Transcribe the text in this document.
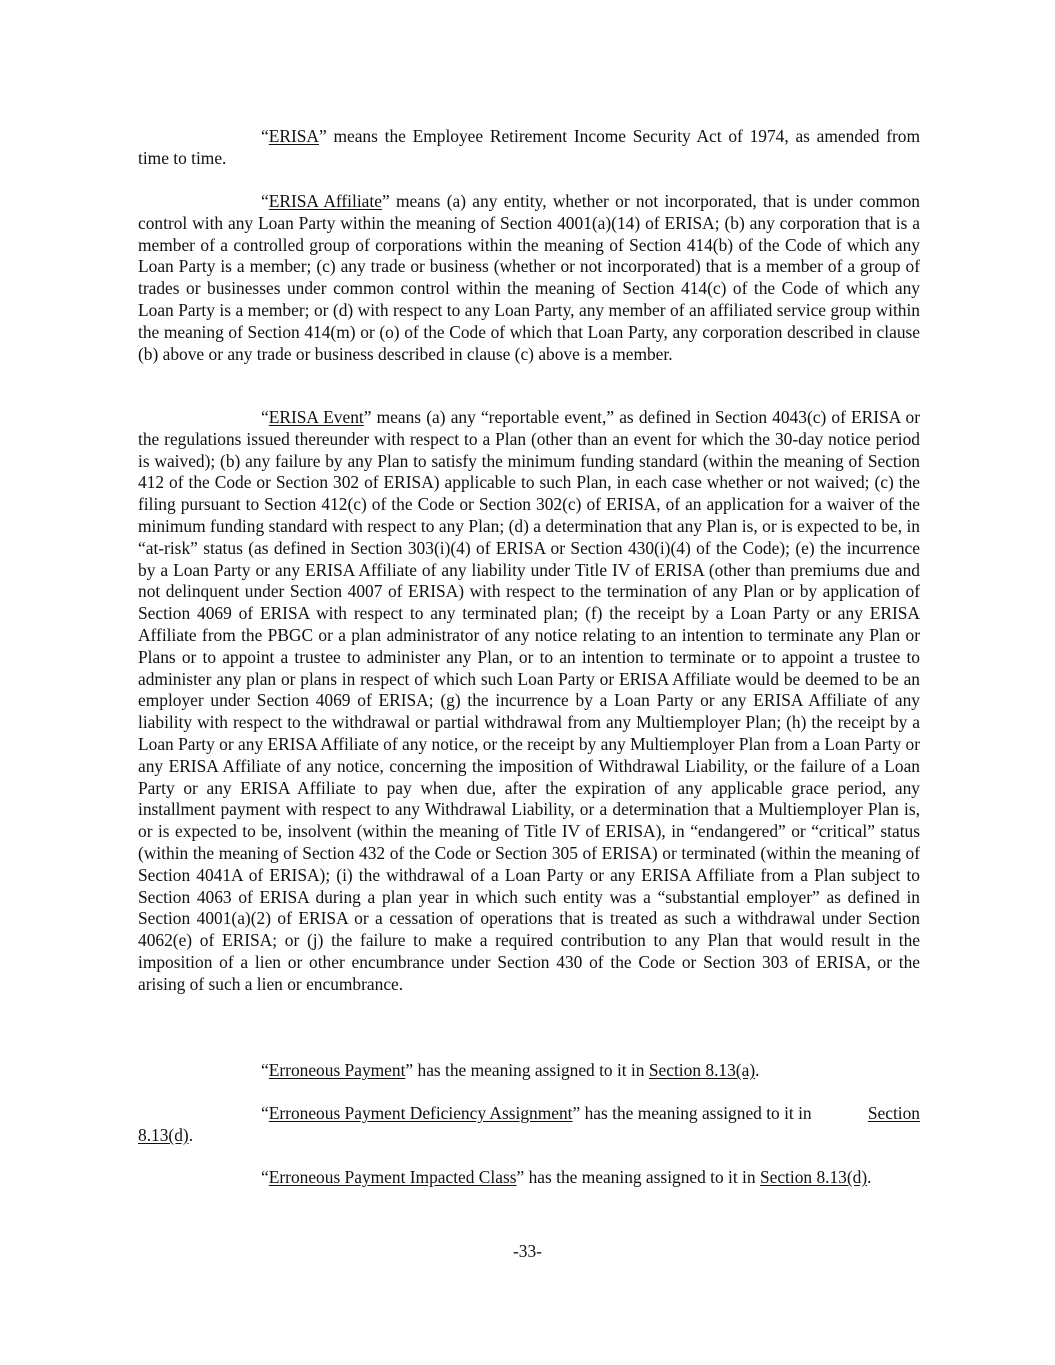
“ERISA” means the Employee Retirement Income Security Act of 1974, as amended from time to time.

“ERISA Affiliate” means (a) any entity, whether or not incorporated, that is under common control with any Loan Party within the meaning of Section 4001(a)(14) of ERISA; (b) any corporation that is a member of a controlled group of corporations within the meaning of Section 414(b) of the Code of which any Loan Party is a member; (c) any trade or business (whether or not incorporated) that is a member of a group of trades or businesses under common control within the meaning of Section 414(c) of the Code of which any Loan Party is a member; or (d) with respect to any Loan Party, any member of an affiliated service group within the meaning of Section 414(m) or (o) of the Code of which that Loan Party, any corporation described in clause (b) above or any trade or business described in clause (c) above is a member.

“ERISA Event” means (a) any “reportable event,” as defined in Section 4043(c) of ERISA or the regulations issued thereunder with respect to a Plan (other than an event for which the 30-day notice period is waived); (b) any failure by any Plan to satisfy the minimum funding standard (within the meaning of Section 412 of the Code or Section 302 of ERISA) applicable to such Plan, in each case whether or not waived; (c) the filing pursuant to Section 412(c) of the Code or Section 302(c) of ERISA, of an application for a waiver of the minimum funding standard with respect to any Plan; (d) a determination that any Plan is, or is expected to be, in “at-risk” status (as defined in Section 303(i)(4) of ERISA or Section 430(i)(4) of the Code); (e) the incurrence by a Loan Party or any ERISA Affiliate of any liability under Title IV of ERISA (other than premiums due and not delinquent under Section 4007 of ERISA) with respect to the termination of any Plan or by application of Section 4069 of ERISA with respect to any terminated plan; (f) the receipt by a Loan Party or any ERISA Affiliate from the PBGC or a plan administrator of any notice relating to an intention to terminate any Plan or Plans or to appoint a trustee to administer any Plan, or to an intention to terminate or to appoint a trustee to administer any plan or plans in respect of which such Loan Party or ERISA Affiliate would be deemed to be an employer under Section 4069 of ERISA; (g) the incurrence by a Loan Party or any ERISA Affiliate of any liability with respect to the withdrawal or partial withdrawal from any Multiemployer Plan; (h) the receipt by a Loan Party or any ERISA Affiliate of any notice, or the receipt by any Multiemployer Plan from a Loan Party or any ERISA Affiliate of any notice, concerning the imposition of Withdrawal Liability, or the failure of a Loan Party or any ERISA Affiliate to pay when due, after the expiration of any applicable grace period, any installment payment with respect to any Withdrawal Liability, or a determination that a Multiemployer Plan is, or is expected to be, insolvent (within the meaning of Title IV of ERISA), in “endangered” or “critical” status (within the meaning of Section 432 of the Code or Section 305 of ERISA) or terminated (within the meaning of Section 4041A of ERISA); (i) the withdrawal of a Loan Party or any ERISA Affiliate from a Plan subject to Section 4063 of ERISA during a plan year in which such entity was a “substantial employer” as defined in Section 4001(a)(2) of ERISA or a cessation of operations that is treated as such a withdrawal under Section 4062(e) of ERISA; or (j) the failure to make a required contribution to any Plan that would result in the imposition of a lien or other encumbrance under Section 430 of the Code or Section 303 of ERISA, or the arising of such a lien or encumbrance.

“Erroneous Payment” has the meaning assigned to it in Section 8.13(a).

“Erroneous Payment Deficiency Assignment” has the meaning assigned to it in	Section
8.13(d).

“Erroneous Payment Impacted Class” has the meaning assigned to it in Section 8.13(d).

-33-
